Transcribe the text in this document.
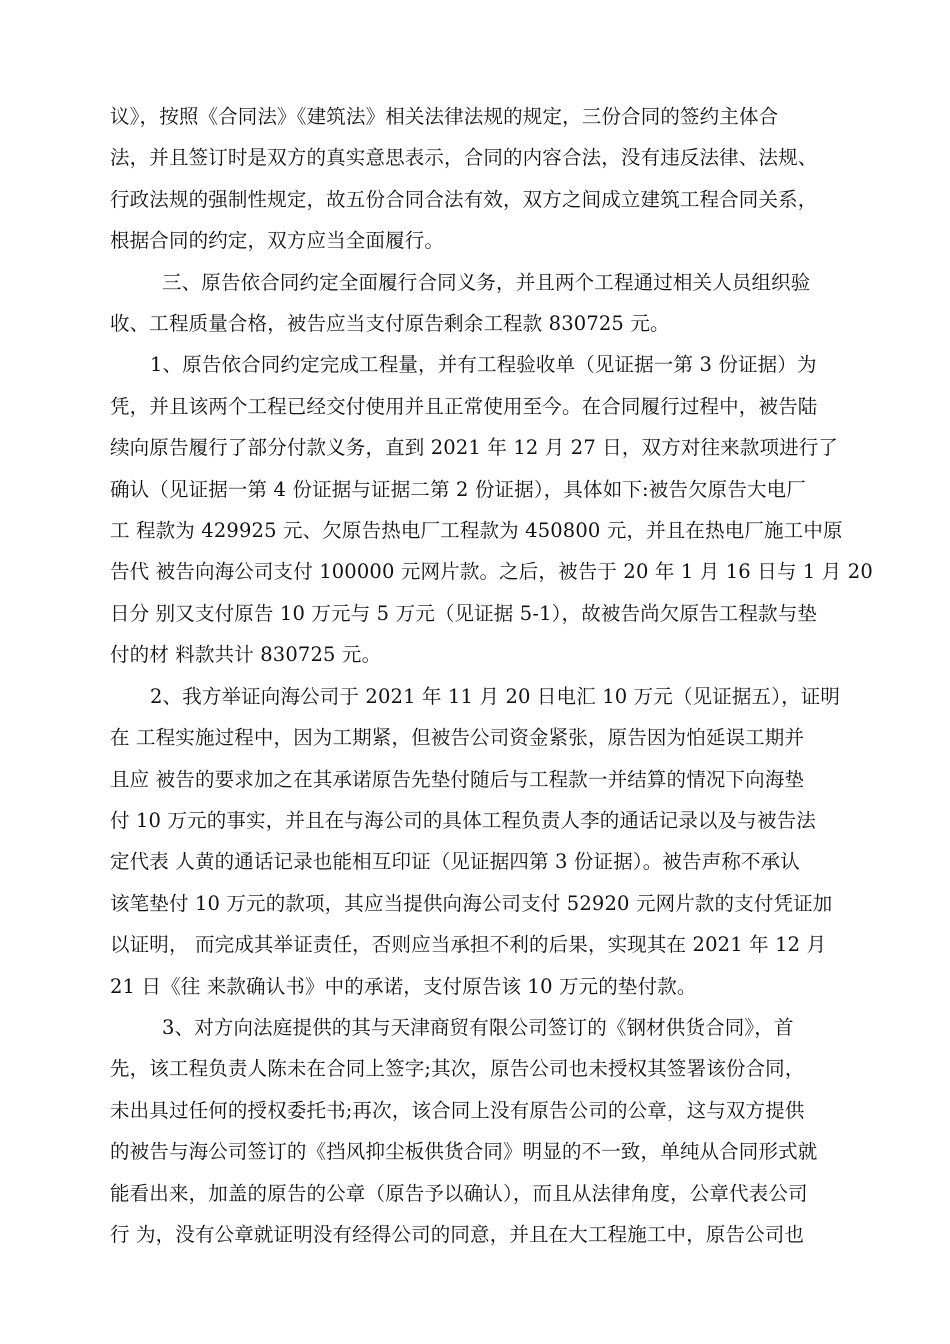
议》，按照《合同法》《建筑法》相关法律法规的规定，三份合同的签约主体合
法，并且签订时是双方的真实意思表示，合同的内容合法，没有违反法律、法规、
行政法规的强制性规定，故五份合同合法有效，双方之间成立建筑工程合同关系，
根据合同的约定，双方应当全面履行。

三、原告依合同约定全面履行合同义务，并且两个工程通过相关人员组织验
收、工程质量合格，被告应当支付原告剩余工程款 830725 元。

1、原告依合同约定完成工程量，并有工程验收单（见证据一第 3 份证据）为
凭，并且该两个工程已经交付使用并且正常使用至今。在合同履行过程中，被告陆
续向原告履行了部分付款义务，直到 2021 年 12 月 27 日，双方对往来款项进行了
确认（见证据一第 4 份证据与证据二第 2 份证据），具体如下:被告欠原告大电厂
工 程款为 429925 元、欠原告热电厂工程款为 450800 元，并且在热电厂施工中原
告代 被告向海公司支付 100000 元网片款。之后，被告于 20 年 1 月 16 日与 1 月 20
日分 别又支付原告 10 万元与 5 万元（见证据 5-1），故被告尚欠原告工程款与垫
付的材 料款共计 830725 元。

2、我方举证向海公司于 2021 年 11 月 20 日电汇 10 万元（见证据五），证明
在 工程实施过程中，因为工期紧，但被告公司资金紧张，原告因为怕延误工期并
且应 被告的要求加之在其承诺原告先垫付随后与工程款一并结算的情况下向海垫
付 10 万元的事实，并且在与海公司的具体工程负责人李的通话记录以及与被告法
定代表 人黄的通话记录也能相互印证（见证据四第 3 份证据）。被告声称不承认
该笔垫付 10 万元的款项，其应当提供向海公司支付 52920 元网片款的支付凭证加
以证明， 而完成其举证责任，否则应当承担不利的后果，实现其在 2021 年 12 月
21 日《往 来款确认书》中的承诺，支付原告该 10 万元的垫付款。

3、对方向法庭提供的其与天津商贸有限公司签订的《钢材供货合同》，首
先，该工程负责人陈未在合同上签字;其次，原告公司也未授权其签署该份合同，
未出具过任何的授权委托书;再次，该合同上没有原告公司的公章，这与双方提供
的被告与海公司签订的《挡风抑尘板供货合同》明显的不一致，单纯从合同形式就
能看出来，加盖的原告的公章（原告予以确认），而且从法律角度，公章代表公司
行 为，没有公章就证明没有经得公司的同意，并且在大工程施工中，原告公司也
